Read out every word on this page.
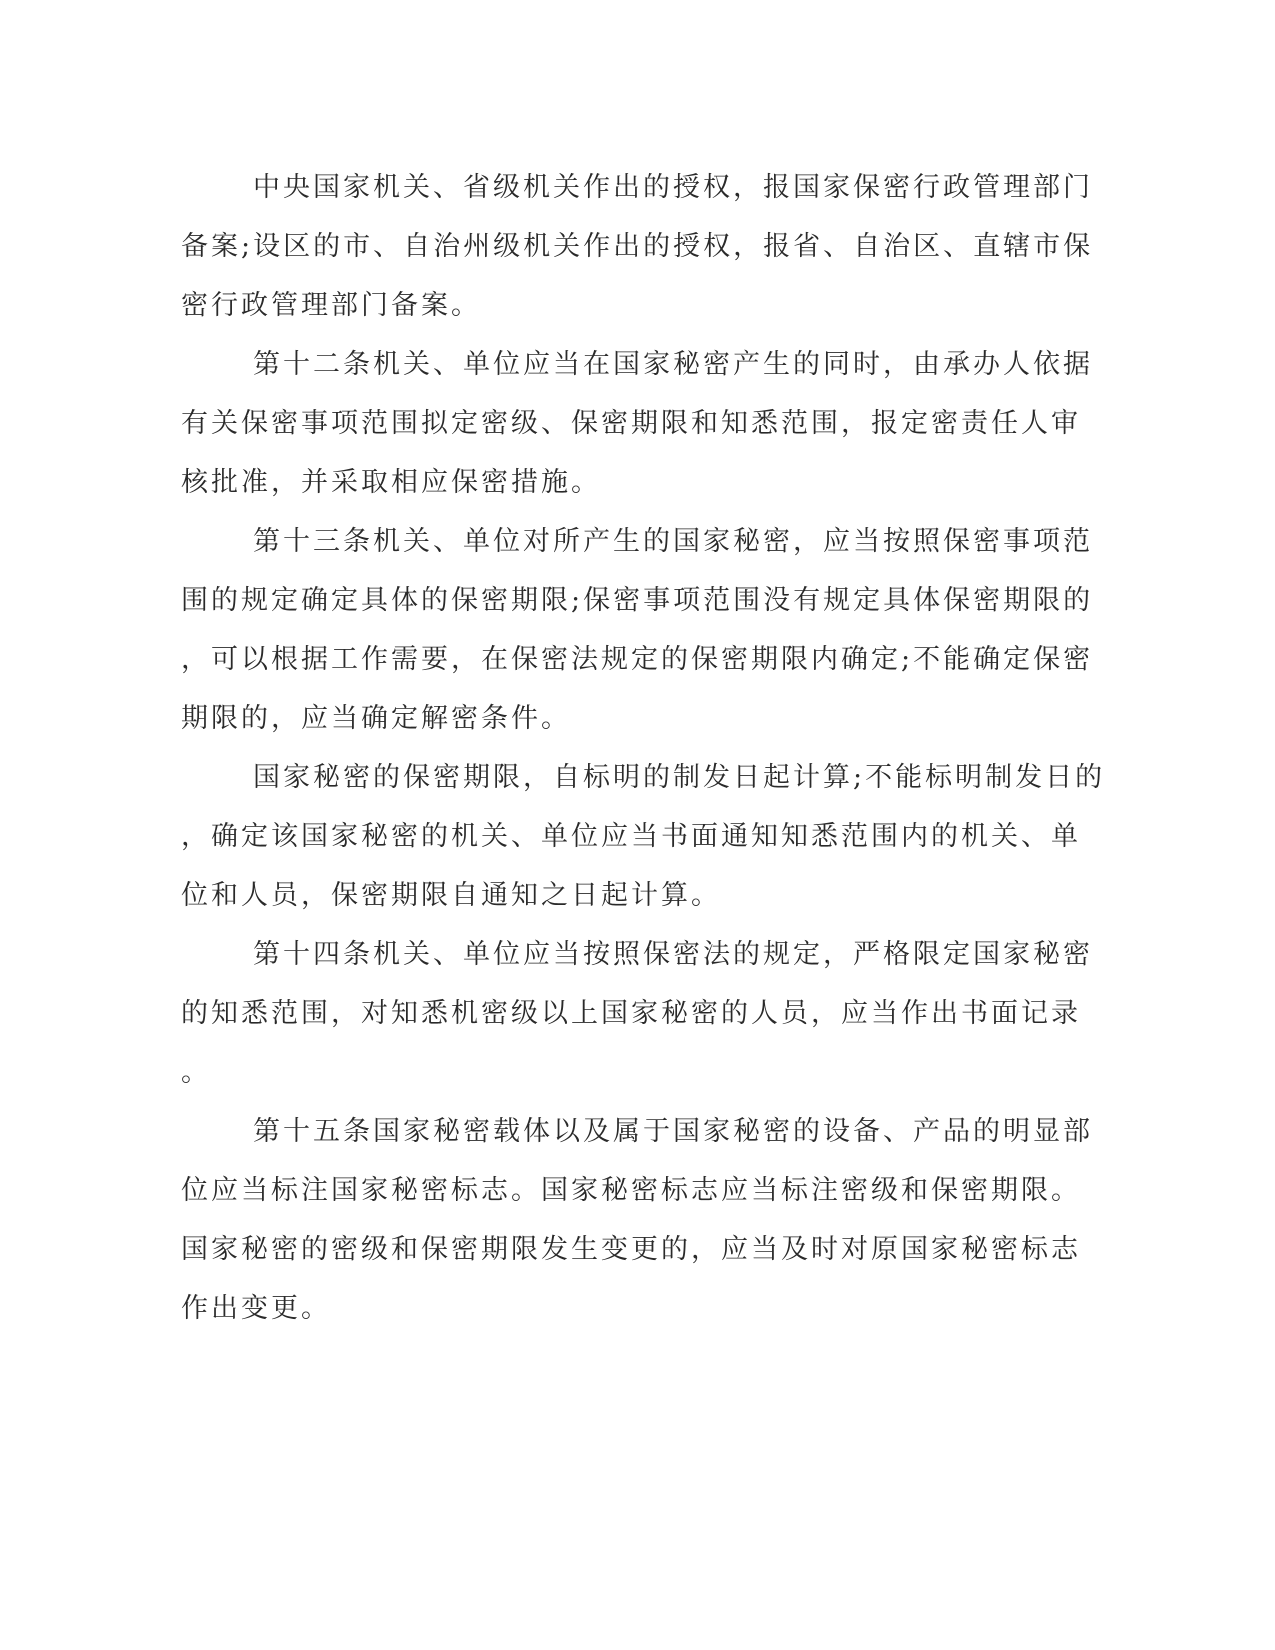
中央国家机关、省级机关作出的授权，报国家保密行政管理部门
备案;设区的市、自治州级机关作出的授权，报省、自治区、直辖市保
密行政管理部门备案。

第十二条机关、单位应当在国家秘密产生的同时，由承办人依据
有关保密事项范围拟定密级、保密期限和知悉范围，报定密责任人审
核批准，并采取相应保密措施。

第十三条机关、单位对所产生的国家秘密，应当按照保密事项范
围的规定确定具体的保密期限;保密事项范围没有规定具体保密期限的
，可以根据工作需要，在保密法规定的保密期限内确定;不能确定保密
期限的，应当确定解密条件。

国家秘密的保密期限，自标明的制发日起计算;不能标明制发日的
，确定该国家秘密的机关、单位应当书面通知知悉范围内的机关、单
位和人员，保密期限自通知之日起计算。

第十四条机关、单位应当按照保密法的规定，严格限定国家秘密
的知悉范围，对知悉机密级以上国家秘密的人员，应当作出书面记录
。

第十五条国家秘密载体以及属于国家秘密的设备、产品的明显部
位应当标注国家秘密标志。国家秘密标志应当标注密级和保密期限。
国家秘密的密级和保密期限发生变更的，应当及时对原国家秘密标志
作出变更。
